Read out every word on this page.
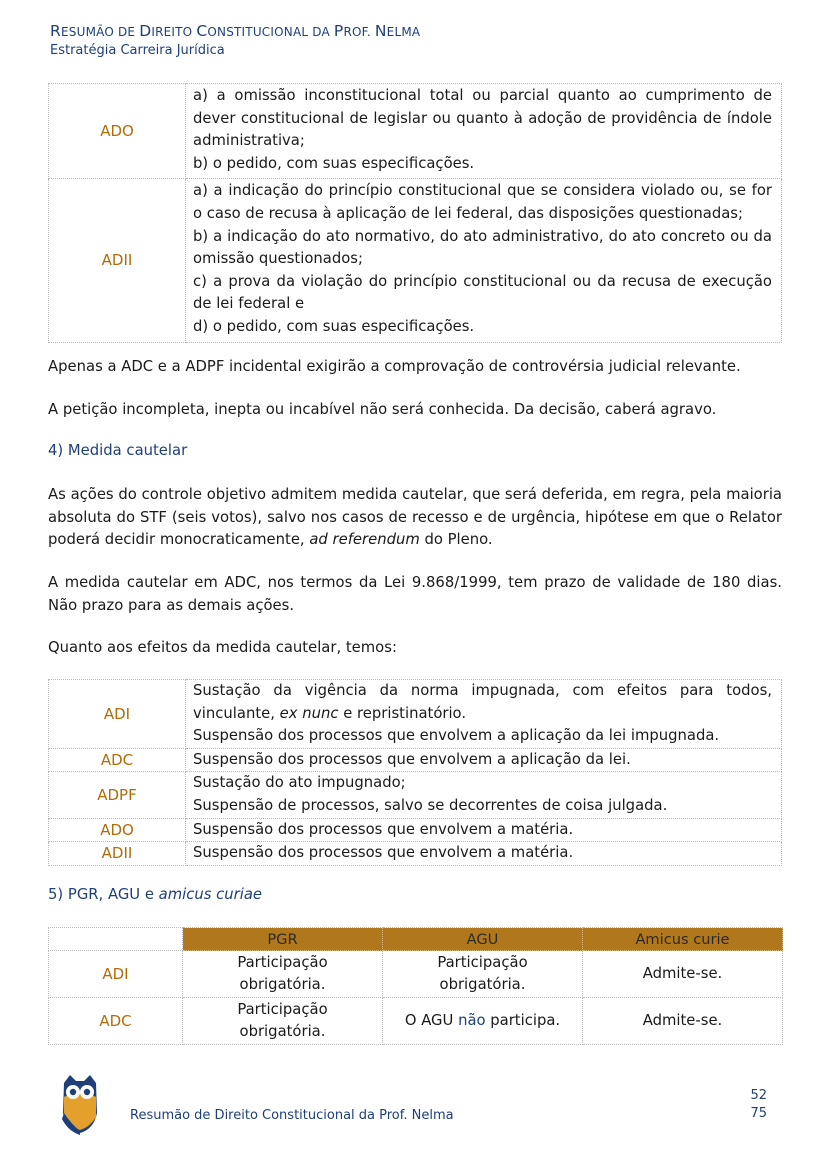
RESUMÃO DE DIREITO CONSTITUCIONAL DA PROF. NELMA
Estratégia Carreira Jurídica
ADO	a) a omissão inconstitucional total ou parcial quanto ao cumprimento de dever constitucional de legislar ou quanto à adoção de providência de índole administrativa;
b) o pedido, com suas especificações.

ADII	a) a indicação do princípio constitucional que se considera violado ou, se for o caso de recusa à aplicação de lei federal, das disposições questionadas;
b) a indicação do ato normativo, do ato administrativo, do ato concreto ou da omissão questionados;
c) a prova da violação do princípio constitucional ou da recusa de execução de lei federal e
d) o pedido, com suas especificações.
Apenas a ADC e a ADPF incidental exigirão a comprovação de controvérsia judicial relevante.
A petição incompleta, inepta ou incabível não será conhecida. Da decisão, caberá agravo.
4) Medida cautelar
As ações do controle objetivo admitem medida cautelar, que será deferida, em regra, pela maioria absoluta do STF (seis votos), salvo nos casos de recesso e de urgência, hipótese em que o Relator poderá decidir monocraticamente, ad referendum do Pleno.
A medida cautelar em ADC, nos termos da Lei 9.868/1999, tem prazo de validade de 180 dias. Não prazo para as demais ações.
Quanto aos efeitos da medida cautelar, temos:
ADI	Sustação da vigência da norma impugnada, com efeitos para todos, vinculante, ex nunc e repristinatório.
Suspensão dos processos que envolvem a aplicação da lei impugnada.

ADC	Suspensão dos processos que envolvem a aplicação da lei.
ADPF	Sustação do ato impugnado;
Suspensão de processos, salvo se decorrentes de coisa julgada.

ADO	Suspensão dos processos que envolvem a matéria.
ADII	Suspensão dos processos que envolvem a matéria.
5) PGR, AGU e amicus curiae
	PGR	AGU	Amicus curie
ADI	Participação obrigatória.	Participação obrigatória.	Admite-se.
ADC	Participação obrigatória.	O AGU não participa.	Admite-se.
Resumão de Direito Constitucional da Prof. Nelma
52
75
